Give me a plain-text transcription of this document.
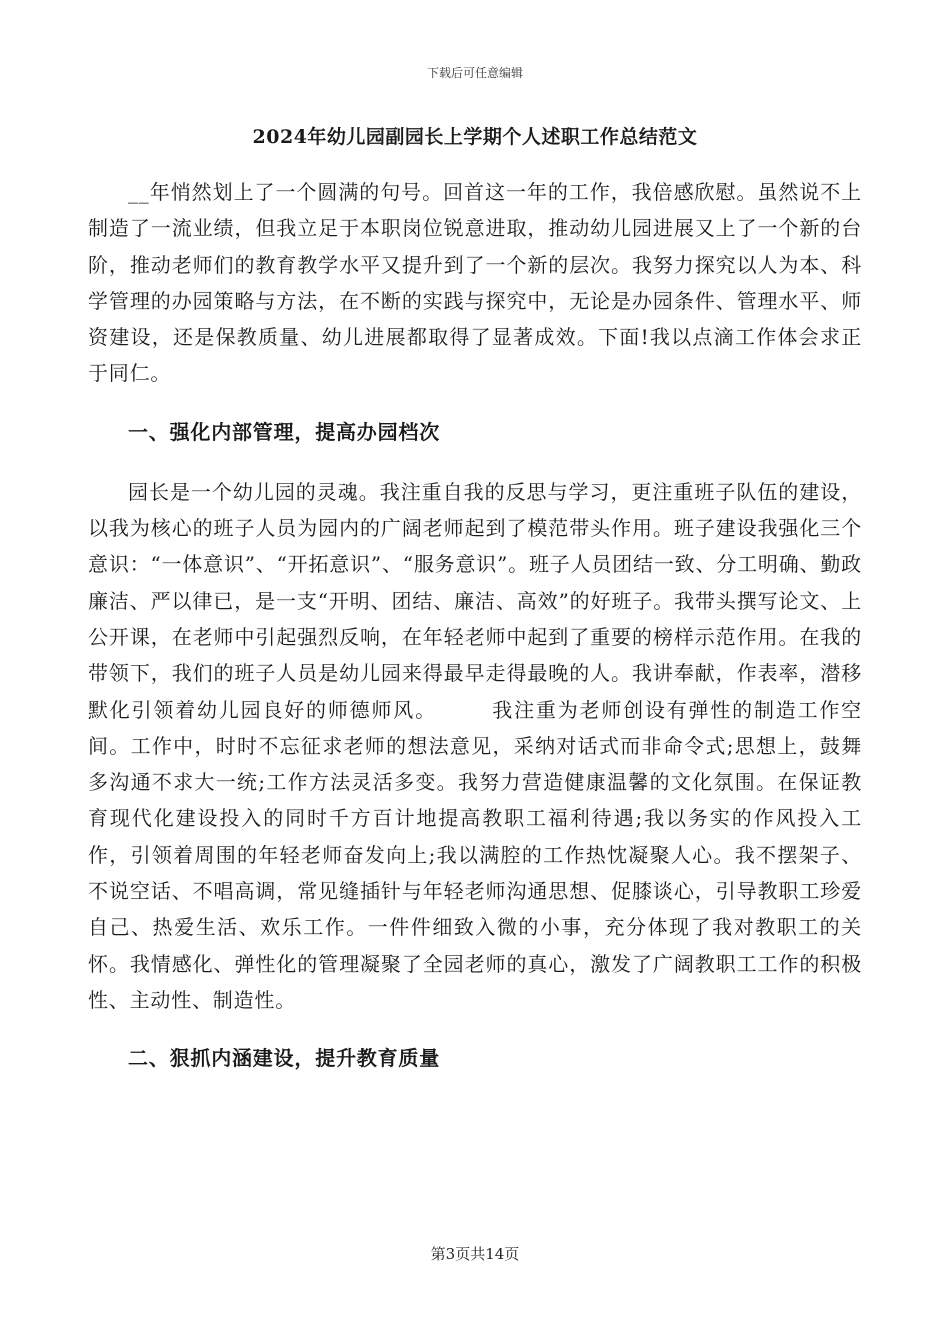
下载后可任意编辑
2024年幼儿园副园长上学期个人述职工作总结范文

__年悄然划上了一个圆满的句号。回首这一年的工作，我倍感欣慰。虽然说不上制造了一流业绩，但我立足于本职岗位锐意进取，推动幼儿园进展又上了一个新的台阶，推动老师们的教育教学水平又提升到了一个新的层次。我努力探究以人为本、科学管理的办园策略与方法，在不断的实践与探究中，无论是办园条件、管理水平、师资建设，还是保教质量、幼儿进展都取得了显著成效。下面!我以点滴工作体会求正于同仁。

一、强化内部管理，提高办园档次

园长是一个幼儿园的灵魂。我注重自我的反思与学习，更注重班子队伍的建设，以我为核心的班子人员为园内的广阔老师起到了模范带头作用。班子建设我强化三个意识：“一体意识”、“开拓意识”、“服务意识”。班子人员团结一致、分工明确、勤政廉洁、严以律已，是一支“开明、团结、廉洁、高效”的好班子。我带头撰写论文、上公开课，在老师中引起强烈反响，在年轻老师中起到了重要的榜样示范作用。在我的带领下，我们的班子人员是幼儿园来得最早走得最晚的人。我讲奉献，作表率，潜移默化引领着幼儿园良好的师德师风。　　　我注重为老师创设有弹性的制造工作空间。工作中，时时不忘征求老师的想法意见，采纳对话式而非命令式;思想上，鼓舞多沟通不求大一统;工作方法灵活多变。我努力营造健康温馨的文化氛围。在保证教育现代化建设投入的同时千方百计地提高教职工福利待遇;我以务实的作风投入工作，引领着周围的年轻老师奋发向上;我以满腔的工作热忱凝聚人心。我不摆架子、不说空话、不唱高调，常见缝插针与年轻老师沟通思想、促膝谈心，引导教职工珍爱自己、热爱生活、欢乐工作。一件件细致入微的小事，充分体现了我对教职工的关怀。我情感化、弹性化的管理凝聚了全园老师的真心，激发了广阔教职工工作的积极性、主动性、制造性。

二、狠抓内涵建设，提升教育质量

第3页共14页
